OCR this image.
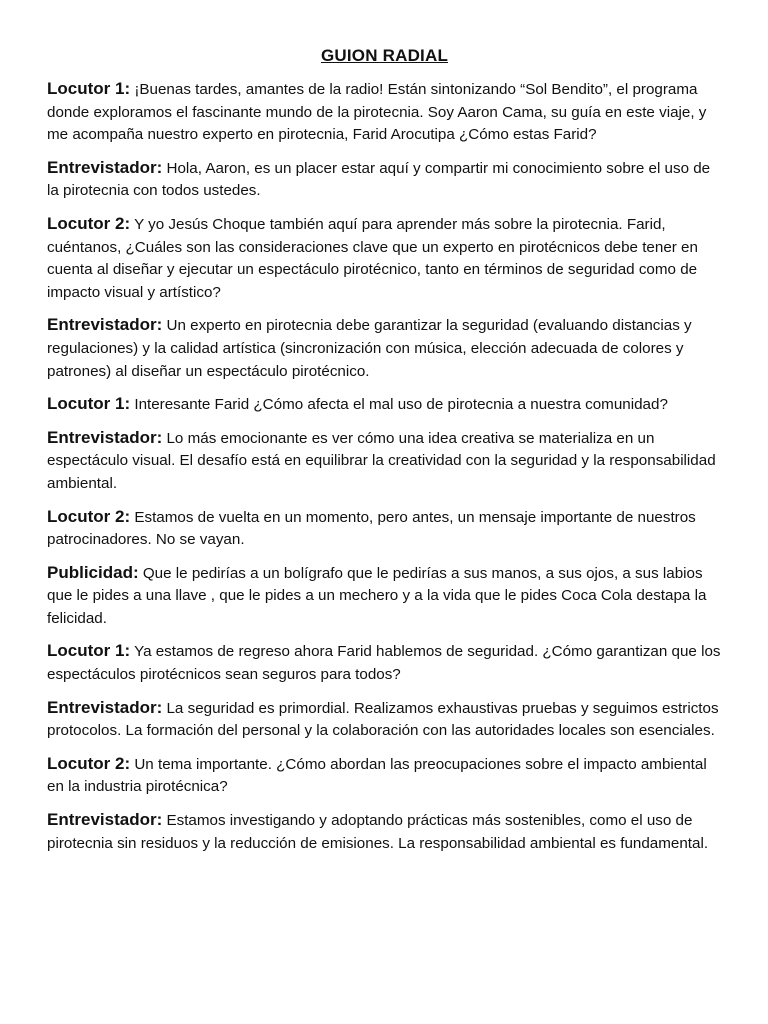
GUION RADIAL

Locutor 1: ¡Buenas tardes, amantes de la radio! Están sintonizando “Sol Bendito”, el programa donde exploramos el fascinante mundo de la pirotecnia. Soy Aaron Cama, su guía en este viaje, y me acompaña nuestro experto en pirotecnia, Farid Arocutipa ¿Cómo estas Farid?

Entrevistador: Hola, Aaron, es un placer estar aquí y compartir mi conocimiento sobre el uso de la pirotecnia con todos ustedes.

Locutor 2: Y yo Jesús Choque también aquí para aprender más sobre la pirotecnia. Farid, cuéntanos, ¿Cuáles son las consideraciones clave que un experto en pirotécnicos debe tener en cuenta al diseñar y ejecutar un espectáculo pirotécnico, tanto en términos de seguridad como de impacto visual y artístico?

Entrevistador: Un experto en pirotecnia debe garantizar la seguridad (evaluando distancias y regulaciones) y la calidad artística (sincronización con música, elección adecuada de colores y patrones) al diseñar un espectáculo pirotécnico.

Locutor 1: Interesante Farid ¿Cómo afecta el mal uso de pirotecnia a nuestra comunidad?

Entrevistador: Lo más emocionante es ver cómo una idea creativa se materializa en un espectáculo visual. El desafío está en equilibrar la creatividad con la seguridad y la responsabilidad ambiental.

Locutor 2: Estamos de vuelta en un momento, pero antes, un mensaje importante de nuestros patrocinadores. No se vayan.

Publicidad: Que le pedirías a un bolígrafo que le pedirías a sus manos, a sus ojos, a sus labios que le pides a una llave , que le pides a un mechero y a la vida que le pides Coca Cola destapa la felicidad.

Locutor 1: Ya estamos de regreso ahora Farid hablemos de seguridad. ¿Cómo garantizan que los espectáculos pirotécnicos sean seguros para todos?

Entrevistador: La seguridad es primordial. Realizamos exhaustivas pruebas y seguimos estrictos protocolos. La formación del personal y la colaboración con las autoridades locales son esenciales.

Locutor 2: Un tema importante. ¿Cómo abordan las preocupaciones sobre el impacto ambiental en la industria pirotécnica?

Entrevistador: Estamos investigando y adoptando prácticas más sostenibles, como el uso de pirotecnia sin residuos y la reducción de emisiones. La responsabilidad ambiental es fundamental.
